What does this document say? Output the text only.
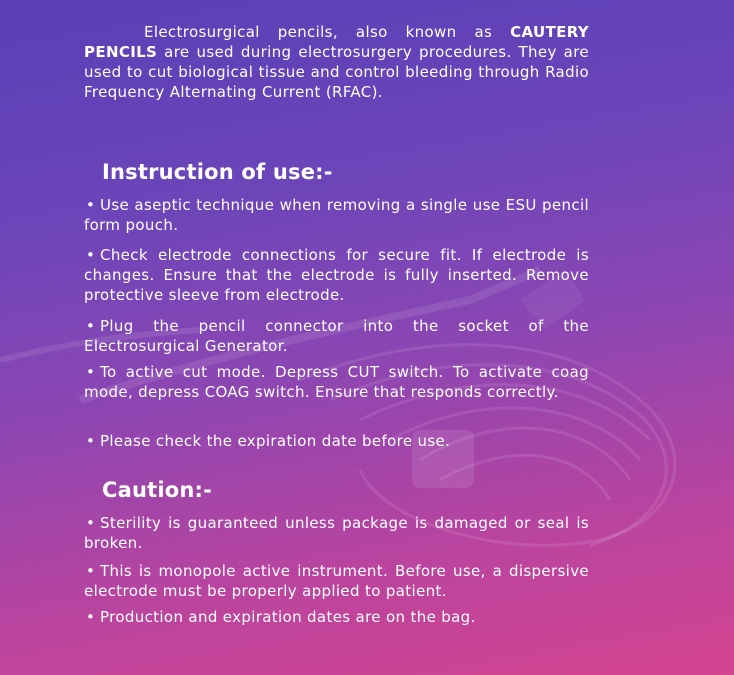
Electrosurgical pencils, also known as CAUTERY PENCILS are used during electrosurgery procedures. They are used to cut biological tissue and control bleeding through Radio Frequency Alternating Current (RFAC).

Instruction of use:-

• Use aseptic technique when removing a single use ESU pencil form pouch.

• Check electrode connections for secure fit. If electrode is changes. Ensure that the electrode is fully inserted. Remove protective sleeve from electrode.

• Plug the pencil connector into the socket of the Electrosurgical Generator.

• To active cut mode. Depress CUT switch. To activate coag mode, depress COAG switch. Ensure that responds correctly.

• Please check the expiration date before use.

Caution:-

• Sterility is guaranteed unless package is damaged or seal is broken.

• This is monopole active instrument. Before use, a dispersive electrode must be properly applied to patient.

• Production and expiration dates are on the bag.
